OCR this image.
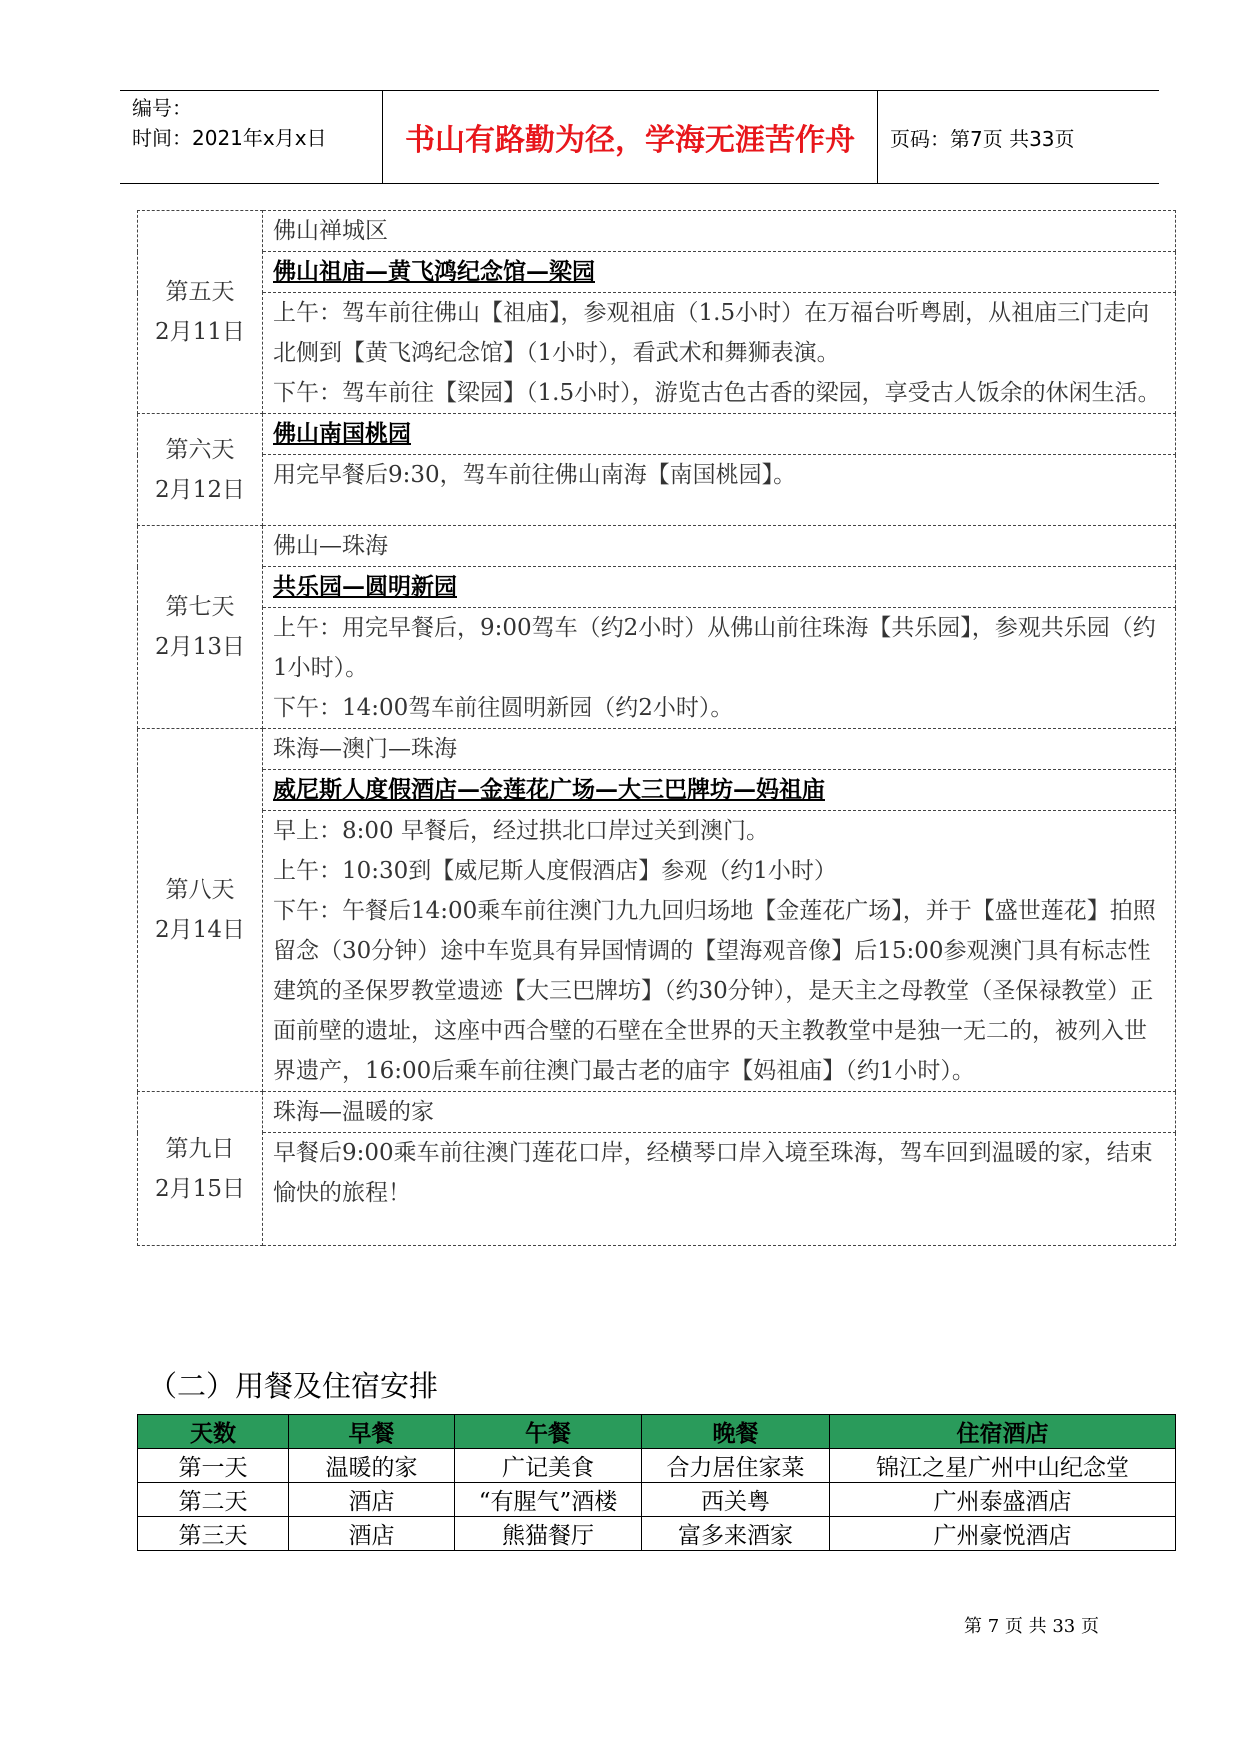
编号：
时间：2021年x月x日	书山有路勤为径，学海无涯苦作舟	页码：第7页 共33页
第五天
2月11日	佛山禅城区
	佛山祖庙—黄飞鸿纪念馆—梁园

	上午：驾车前往佛山【祖庙】，参观祖庙（1.5小时）在万福台听粤剧，从祖庙三门走向北侧到【黄飞鸿纪念馆】（1小时），看武术和舞狮表演。
下午：驾车前往【梁园】（1.5小时），游览古色古香的梁园，享受古人饭余的休闲生活。

第六天
2月12日	佛山南国桃园

	用完早餐后9:30，驾车前往佛山南海【南国桃园】。

第七天
2月13日	佛山—珠海
	共乐园—圆明新园

	上午：用完早餐后，9:00驾车（约2小时）从佛山前往珠海【共乐园】，参观共乐园（约1小时）。
下午：14:00驾车前往圆明新园（约2小时）。

第八天
2月14日	珠海—澳门—珠海
	威尼斯人度假酒店—金莲花广场—大三巴牌坊—妈祖庙

	早上：8:00 早餐后，经过拱北口岸过关到澳门。
上午：10:30到【威尼斯人度假酒店】参观（约1小时）
下午：午餐后14:00乘车前往澳门九九回归场地【金莲花广场】，并于【盛世莲花】拍照留念（30分钟）途中车览具有异国情调的【望海观音像】后15:00参观澳门具有标志性建筑的圣保罗教堂遗迹【大三巴牌坊】（约30分钟），是天主之母教堂（圣保禄教堂）正面前壁的遗址，这座中西合璧的石壁在全世界的天主教教堂中是独一无二的，被列入世界遗产，16:00后乘车前往澳门最古老的庙宇【妈祖庙】（约1小时）。

第九日
2月15日	珠海—温暖的家

	早餐后9:00乘车前往澳门莲花口岸，经横琴口岸入境至珠海，驾车回到温暖的家，结束愉快的旅程！
（二）用餐及住宿安排
天数	早餐	午餐	晚餐	住宿酒店
第一天	温暖的家	广记美食	合力居住家菜	锦江之星广州中山纪念堂
第二天	酒店	“有腥气”酒楼	西关粤	广州泰盛酒店
第三天	酒店	熊猫餐厅	富多来酒家	广州豪悦酒店
第 7 页 共 33 页
